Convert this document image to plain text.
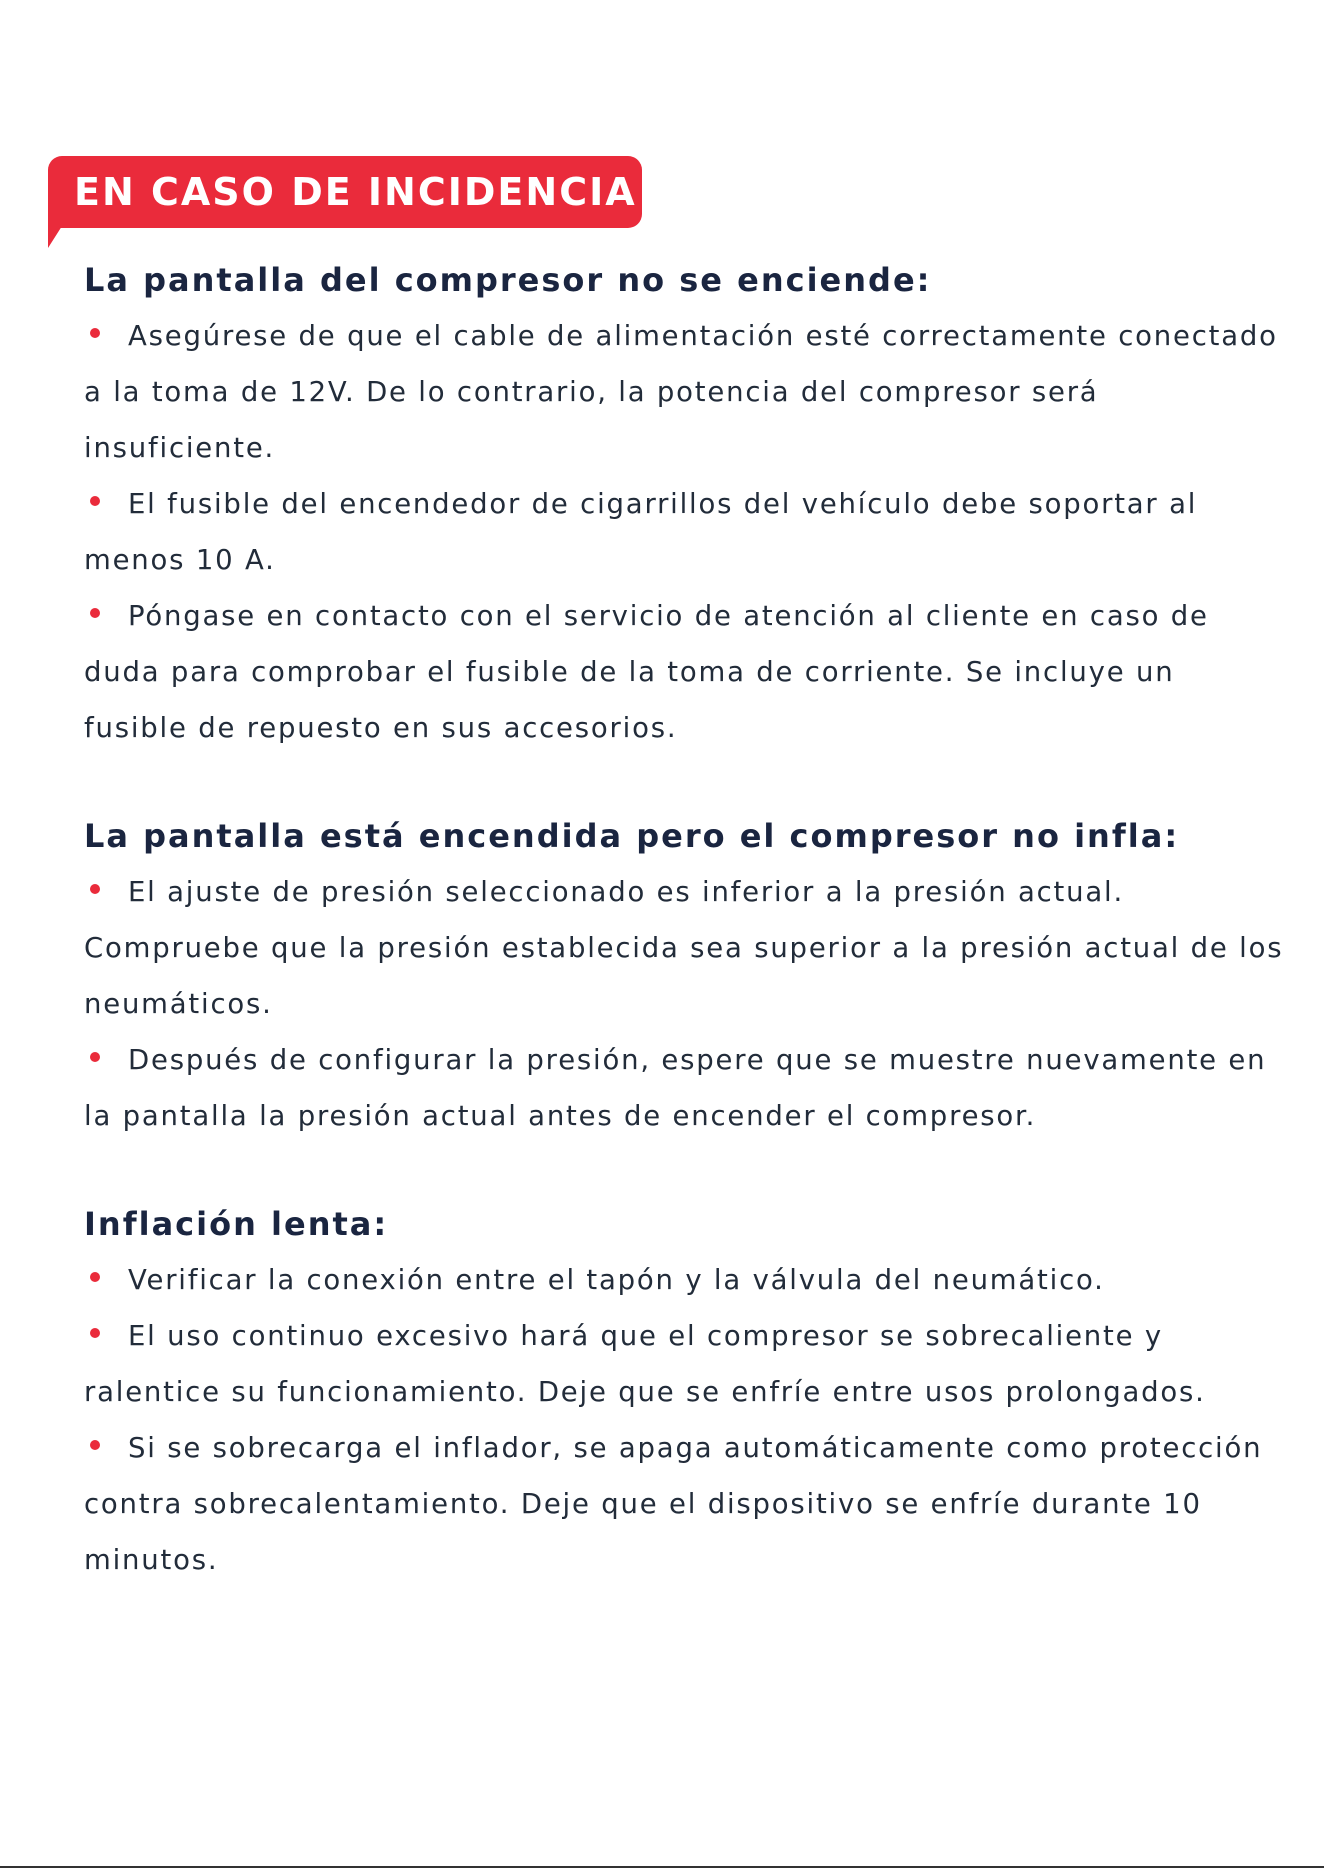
EN CASO DE INCIDENCIA
La pantalla del compresor no se enciende:

Asegúrese de que el cable de alimentación esté correctamente conectado a la toma de 12V. De lo contrario, la potencia del compresor será insuficiente.

El fusible del encendedor de cigarrillos del vehículo debe soportar al menos 10 A.

Póngase en contacto con el servicio de atención al cliente en caso de duda para comprobar el fusible de la toma de corriente. Se incluye un fusible de repuesto en sus accesorios.

La pantalla está encendida pero el compresor no infla:

El ajuste de presión seleccionado es inferior a la presión actual. Compruebe que la presión establecida sea superior a la presión actual de los neumáticos.

Después de configurar la presión, espere que se muestre nuevamente en la pantalla la presión actual antes de encender el compresor.

Inflación lenta:

Verificar la conexión entre el tapón y la válvula del neumático.

El uso continuo excesivo hará que el compresor se sobrecaliente y ralentice su funcionamiento. Deje que se enfríe entre usos prolongados.

Si se sobrecarga el inflador, se apaga automáticamente como protección contra sobrecalentamiento. Deje que el dispositivo se enfríe durante 10 minutos.
